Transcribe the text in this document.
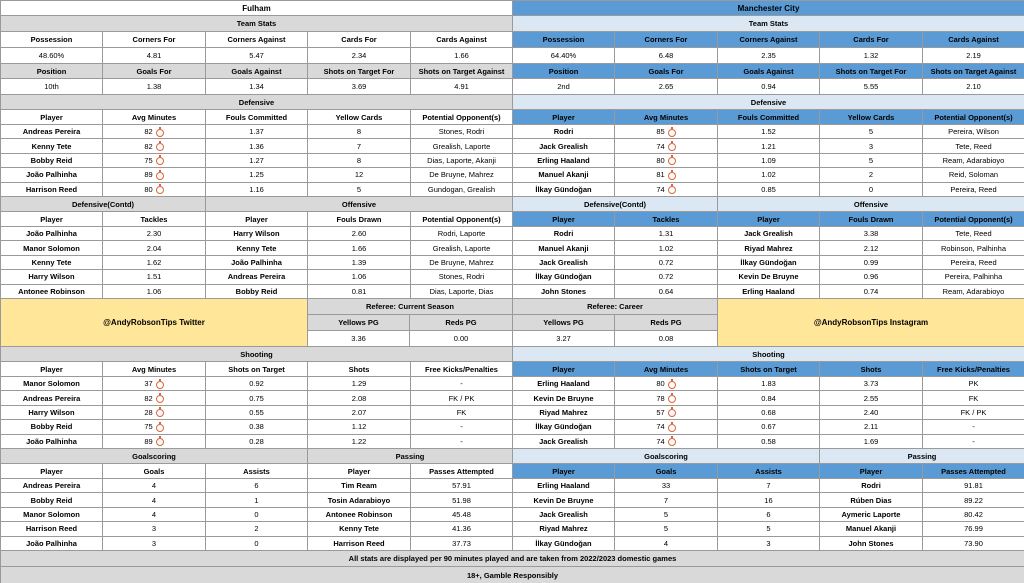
Fulham	Manchester City
Team Stats	Team Stats
Possession	Corners For	Corners Against	Cards For	Cards Against	Possession	Corners For	Corners Against	Cards For	Cards Against
48.60%	4.81	5.47	2.34	1.66	64.40%	6.48	2.35	1.32	2.19
Position	Goals For	Goals Against	Shots on Target For	Shots on Target Against	Position	Goals For	Goals Against	Shots on Target For	Shots on Target Against
10th	1.38	1.34	3.69	4.91	2nd	2.65	0.94	5.55	2.10
Defensive	Defensive
Player	Avg Minutes	Fouls Committed	Yellow Cards	Potential Opponent(s)	Player	Avg Minutes	Fouls Committed	Yellow Cards	Potential Opponent(s)
Andreas Pereira	82	1.37	8	Stones, Rodri	Rodri	85	1.52	5	Pereira, Wilson
Kenny Tete	82	1.36	7	Grealish, Laporte	Jack Grealish	74	1.21	3	Tete, Reed
Bobby Reid	75	1.27	8	Dias, Laporte, Akanji	Erling Haaland	80	1.09	5	Ream, Adarabioyo
João Palhinha	89	1.25	12	De Bruyne, Mahrez	Manuel Akanji	81	1.02	2	Reid, Soloman
Harrison Reed	80	1.16	5	Gundogan, Grealish	İlkay Gündoğan	74	0.85	0	Pereira, Reed
Defensive(Contd)	Offensive	Defensive(Contd)	Offensive
Player	Tackles	Player	Fouls Drawn	Potential Opponent(s)	Player	Tackles	Player	Fouls Drawn	Potential Opponent(s)
João Palhinha	2.30	Harry Wilson	2.60	Rodri, Laporte	Rodri	1.31	Jack Grealish	3.38	Tete, Reed
Manor Solomon	2.04	Kenny Tete	1.66	Grealish, Laporte	Manuel Akanji	1.02	Riyad Mahrez	2.12	Robinson, Palhinha
Kenny Tete	1.62	João Palhinha	1.39	De Bruyne, Mahrez	Jack Grealish	0.72	İlkay Gündoğan	0.99	Pereira, Reed
Harry Wilson	1.51	Andreas Pereira	1.06	Stones, Rodri	İlkay Gündoğan	0.72	Kevin De Bruyne	0.96	Pereira, Palhinha
Antonee Robinson	1.06	Bobby Reid	0.81	Dias, Laporte, Dias	John Stones	0.64	Erling Haaland	0.74	Ream, Adarabioyo
@AndyRobsonTips Twitter
Referee: Current Season
Yellows PG	Reds PG
3.36	0.00
Referee: Career
Yellows PG	Reds PG
3.27	0.08
@AndyRobsonTips Instagram
Shooting	Shooting
Player	Avg Minutes	Shots on Target	Shots	Free Kicks/Penalties	Player	Avg Minutes	Shots on Target	Shots	Free Kicks/Penalties
Manor Solomon	37	0.92	1.29	-	Erling Haaland	80	1.83	3.73	PK
Andreas Pereira	82	0.75	2.08	FK / PK	Kevin De Bruyne	78	0.84	2.55	FK
Harry Wilson	28	0.55	2.07	FK	Riyad Mahrez	57	0.68	2.40	FK / PK
Bobby Reid	75	0.38	1.12	-	İlkay Gündoğan	74	0.67	2.11	-
João Palhinha	89	0.28	1.22	-	Jack Grealish	74	0.58	1.69	-
Goalscoring	Passing	Goalscoring	Passing
Player	Goals	Assists	Player	Passes Attempted	Player	Goals	Assists	Player	Passes Attempted
Andreas Pereira	4	6	Tim Ream	57.91	Erling Haaland	33	7	Rodri	91.81
Bobby Reid	4	1	Tosin Adarabioyo	51.98	Kevin De Bruyne	7	16	Rúben Dias	89.22
Manor Solomon	4	0	Antonee Robinson	45.48	Jack Grealish	5	6	Aymeric Laporte	80.42
Harrison Reed	3	2	Kenny Tete	41.36	Riyad Mahrez	5	5	Manuel Akanji	76.99
João Palhinha	3	0	Harrison Reed	37.73	İlkay Gündoğan	4	3	John Stones	73.90
All stats are displayed per 90 minutes played and are taken from 2022/2023 domestic games
18+, Gamble Responsibly
